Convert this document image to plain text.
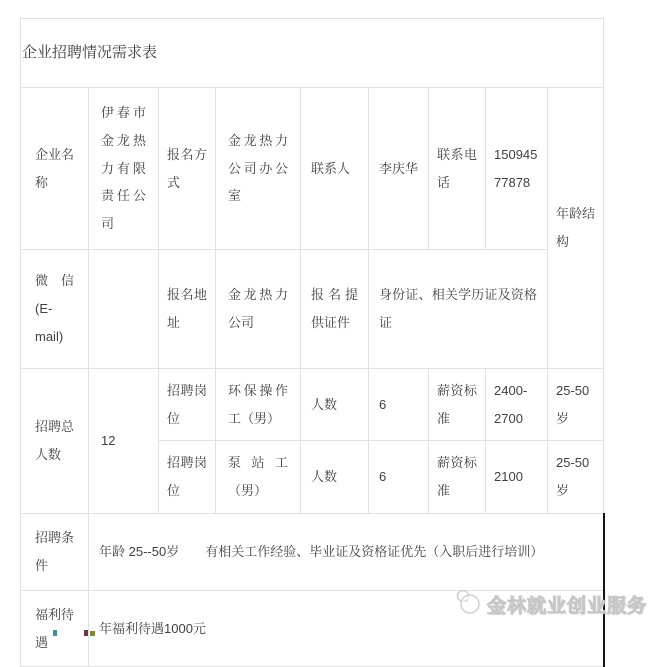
企业招聘情况需求表								
企业名称	伊春市金龙热力有限责任公司	报名方式	金龙热力公司办公室	联系人	李庆华	联系电话	15094577878	年龄结构
微信(E-mail)		报名地址	金龙热力公司	报名提供证件	身份证、相关学历证及资格证			
招聘总人数	12	招聘岗位	环保操作工（男）	人数	6	薪资标准	2400-2700	25-50岁
		招聘岗位	泵站工（男）	人数	6	薪资标准	2100	25-50岁
招聘条件	年龄 25--50岁　　有相关工作经验、毕业证及资格证优先（入职后进行培训）							
福利待遇	年福利待遇1000元							
金林就业创业服务
